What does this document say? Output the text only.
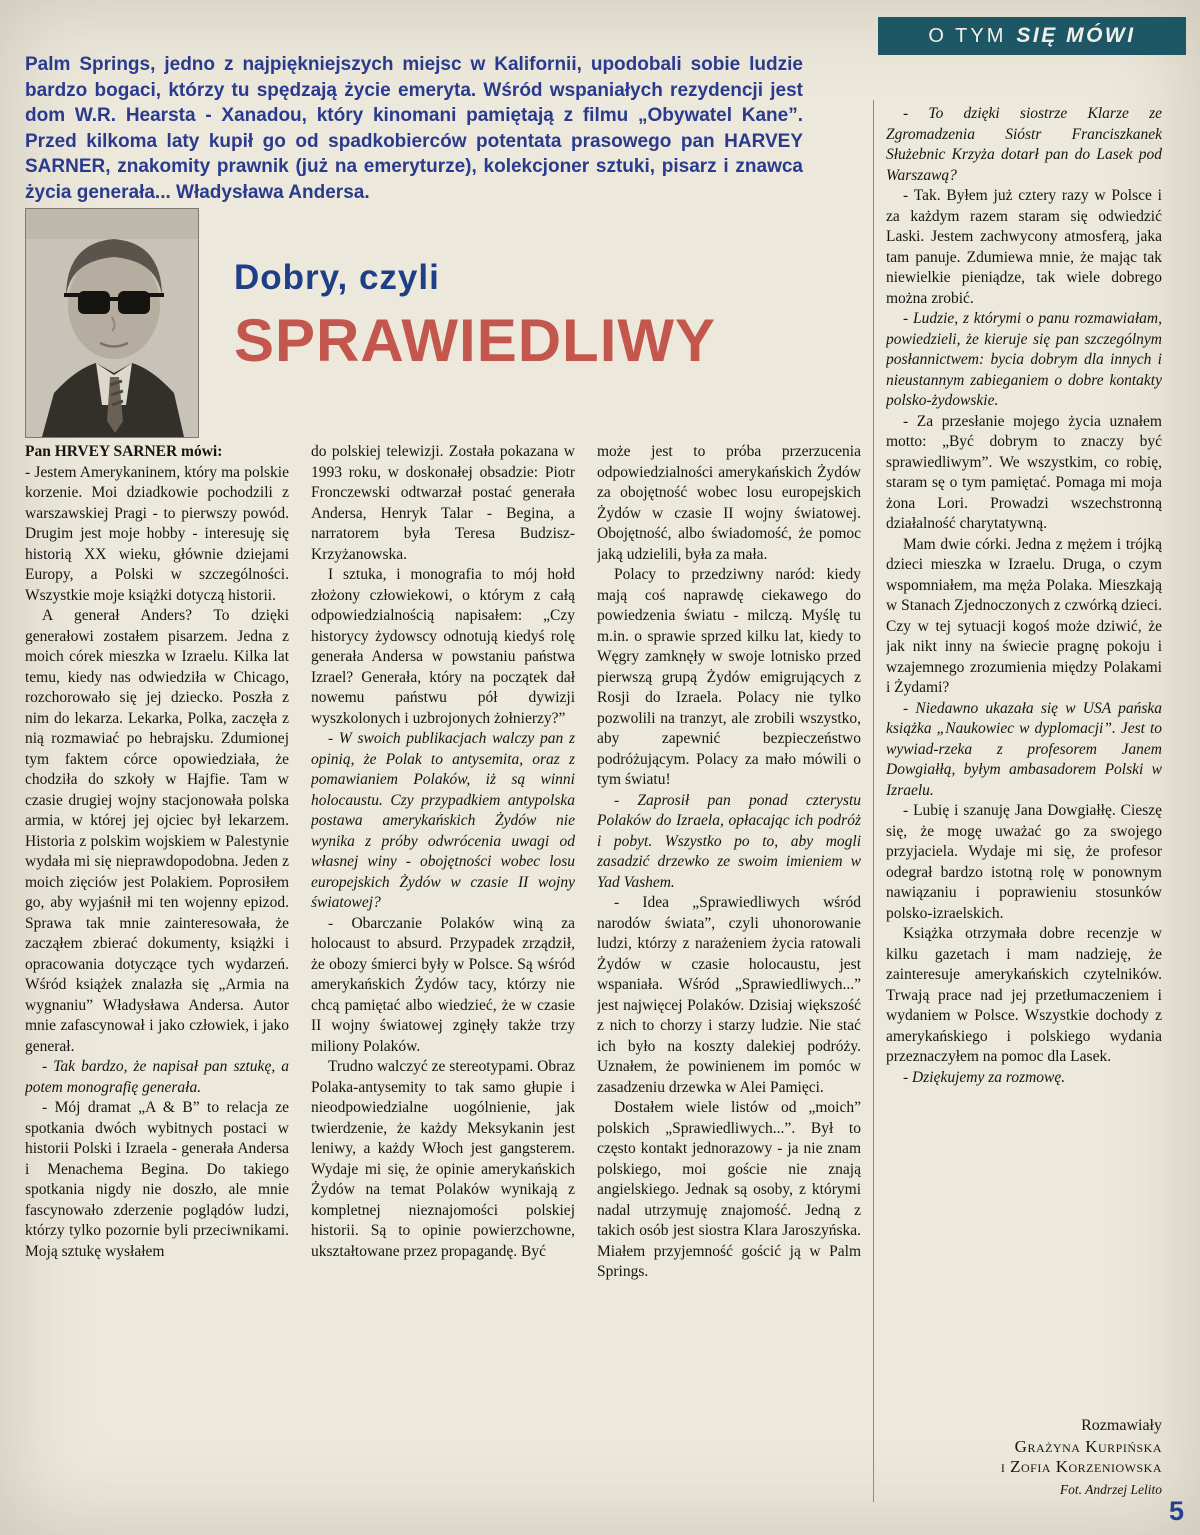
O TYM SIĘ MÓWI

Palm Springs, jedno z najpiękniejszych miejsc w Kalifornii, upodobali sobie ludzie bardzo bogaci, którzy tu spędzają życie emeryta. Wśród wspaniałych rezydencji jest dom W.R. Hearsta - Xanadou, który kinomani pamiętają z filmu „Obywatel Kane”. Przed kilkoma laty kupił go od spadkobierców potentata prasowego pan HARVEY SARNER, znakomity prawnik (już na emeryturze), kolekcjoner sztuki, pisarz i znawca życia generała... Władysława Andersa.

Dobry, czyli
SPRAWIEDLIWY

Pan HRVEY SARNER mówi:

- Jestem Amerykaninem, który ma polskie korzenie. Moi dziadkowie pochodzili z warszawskiej Pragi - to pierwszy powód. Drugim jest moje hobby - interesuję się historią XX wieku, głównie dziejami Europy, a Polski w szczególności. Wszystkie moje książki dotyczą historii.

A generał Anders? To dzięki generałowi zostałem pisarzem. Jedna z moich córek mieszka w Izraelu. Kilka lat temu, kiedy nas odwiedziła w Chicago, rozchorowało się jej dziecko. Poszła z nim do lekarza. Lekarka, Polka, zaczęła z nią rozmawiać po hebrajsku. Zdumionej tym faktem córce opowiedziała, że chodziła do szkoły w Hajfie. Tam w czasie drugiej wojny stacjonowała polska armia, w której jej ojciec był lekarzem. Historia z polskim wojskiem w Palestynie wydała mi się nieprawdopodobna. Jeden z moich zięciów jest Polakiem. Poprosiłem go, aby wyjaśnił mi ten wojenny epizod. Sprawa tak mnie zainteresowała, że zacząłem zbierać dokumenty, książki i opracowania dotyczące tych wydarzeń. Wśród książek znalazła się „Armia na wygnaniu” Władysława Andersa. Autor mnie zafascynował i jako człowiek, i jako generał.

- Tak bardzo, że napisał pan sztukę, a potem monografię generała.

- Mój dramat „A & B” to relacja ze spotkania dwóch wybitnych postaci w historii Polski i Izraela - generała Andersa i Menachema Begina. Do takiego spotkania nigdy nie doszło, ale mnie fascynowało zderzenie poglądów ludzi, którzy tylko pozornie byli przeciwnikami. Moją sztukę wysłałem

do polskiej telewizji. Została pokazana w 1993 roku, w doskonałej obsadzie: Piotr Fronczewski odtwarzał postać generała Andersa, Henryk Talar - Begina, a narratorem była Teresa Budzisz-Krzyżanowska.

I sztuka, i monografia to mój hołd złożony człowiekowi, o którym z całą odpowiedzialnością napisałem: „Czy historycy żydowscy odnotują kiedyś rolę generała Andersa w powstaniu państwa Izrael? Generała, który na początek dał nowemu państwu pół dywizji wyszkolonych i uzbrojonych żołnierzy?”

- W swoich publikacjach walczy pan z opinią, że Polak to antysemita, oraz z pomawianiem Polaków, iż są winni holocaustu. Czy przypadkiem antypolska postawa amerykańskich Żydów nie wynika z próby odwrócenia uwagi od własnej winy - obojętności wobec losu europejskich Żydów w czasie II wojny światowej?

- Obarczanie Polaków winą za holocaust to absurd. Przypadek zrządził, że obozy śmierci były w Polsce. Są wśród amerykańskich Żydów tacy, którzy nie chcą pamiętać albo wiedzieć, że w czasie II wojny światowej zginęły także trzy miliony Polaków.

Trudno walczyć ze stereotypami. Obraz Polaka-antysemity to tak samo głupie i nieodpowiedzialne uogólnienie, jak twierdzenie, że każdy Meksykanin jest leniwy, a każdy Włoch jest gangsterem. Wydaje mi się, że opinie amerykańskich Żydów na temat Polaków wynikają z kompletnej nieznajomości polskiej historii. Są to opinie powierzchowne, ukształtowane przez propagandę. Być

może jest to próba przerzucenia odpowiedzialności amerykańskich Żydów za obojętność wobec losu europejskich Żydów w czasie II wojny światowej. Obojętność, albo świadomość, że pomoc jaką udzielili, była za mała.

Polacy to przedziwny naród: kiedy mają coś naprawdę ciekawego do powiedzenia światu - milczą. Myślę tu m.in. o sprawie sprzed kilku lat, kiedy to Węgry zamknęły w swoje lotnisko przed pierwszą grupą Żydów emigrujących z Rosji do Izraela. Polacy nie tylko pozwolili na tranzyt, ale zrobili wszystko, aby zapewnić bezpieczeństwo podróżującym. Polacy za mało mówili o tym światu!

- Zaprosił pan ponad czterystu Polaków do Izraela, opłacając ich podróż i pobyt. Wszystko po to, aby mogli zasadzić drzewko ze swoim imieniem w Yad Vashem.

- Idea „Sprawiedliwych wśród narodów świata”, czyli uhonorowanie ludzi, którzy z narażeniem życia ratowali Żydów w czasie holocaustu, jest wspaniała. Wśród „Sprawiedliwych...” jest najwięcej Polaków. Dzisiaj większość z nich to chorzy i starzy ludzie. Nie stać ich było na koszty dalekiej podróży. Uznałem, że powinienem im pomóc w zasadzeniu drzewka w Alei Pamięci.

Dostałem wiele listów od „moich” polskich „Sprawiedliwych...”. Był to często kontakt jednorazowy - ja nie znam polskiego, moi goście nie znają angielskiego. Jednak są osoby, z którymi nadal utrzymuję znajomość. Jedną z takich osób jest siostra Klara Jaroszyńska. Miałem przyjemność gościć ją w Palm Springs.

- To dzięki siostrze Klarze ze Zgromadzenia Sióstr Franciszkanek Służebnic Krzyża dotarł pan do Lasek pod Warszawą?

- Tak. Byłem już cztery razy w Polsce i za każdym razem staram się odwiedzić Laski. Jestem zachwycony atmosferą, jaka tam panuje. Zdumiewa mnie, że mając tak niewielkie pieniądze, tak wiele dobrego można zrobić.

- Ludzie, z którymi o panu rozmawiałam, powiedzieli, że kieruje się pan szczególnym posłannictwem: bycia dobrym dla innych i nieustannym zabieganiem o dobre kontakty polsko-żydowskie.

- Za przesłanie mojego życia uznałem motto: „Być dobrym to znaczy być sprawiedliwym”. We wszystkim, co robię, staram sę o tym pamiętać. Pomaga mi moja żona Lori. Prowadzi wszechstronną działalność charytatywną.

Mam dwie córki. Jedna z mężem i trójką dzieci mieszka w Izraelu. Druga, o czym wspomniałem, ma męża Polaka. Mieszkają w Stanach Zjednoczonych z czwórką dzieci. Czy w tej sytuacji kogoś może dziwić, że jak nikt inny na świecie pragnę pokoju i wzajemnego zrozumienia między Polakami i Żydami?

- Niedawno ukazała się w USA pańska książka „Naukowiec w dyplomacji”. Jest to wywiad-rzeka z profesorem Janem Dowgiałłą, byłym ambasadorem Polski w Izraelu.

- Lubię i szanuję Jana Dowgiałłę. Cieszę się, że mogę uważać go za swojego przyjaciela. Wydaje mi się, że profesor odegrał bardzo istotną rolę w ponownym nawiązaniu i poprawieniu stosunków polsko-izraelskich.

Książka otrzymała dobre recenzje w kilku gazetach i mam nadzieję, że zainteresuje amerykańskich czytelników. Trwają prace nad jej przetłumaczeniem i wydaniem w Polsce. Wszystkie dochody z amerykańskiego i polskiego wydania przeznaczyłem na pomoc dla Lasek.

- Dziękujemy za rozmowę.

Rozmawiały
Grażyna Kurpińska
i Zofia Korzeniowska
Fot. Andrzej Lelito
5
